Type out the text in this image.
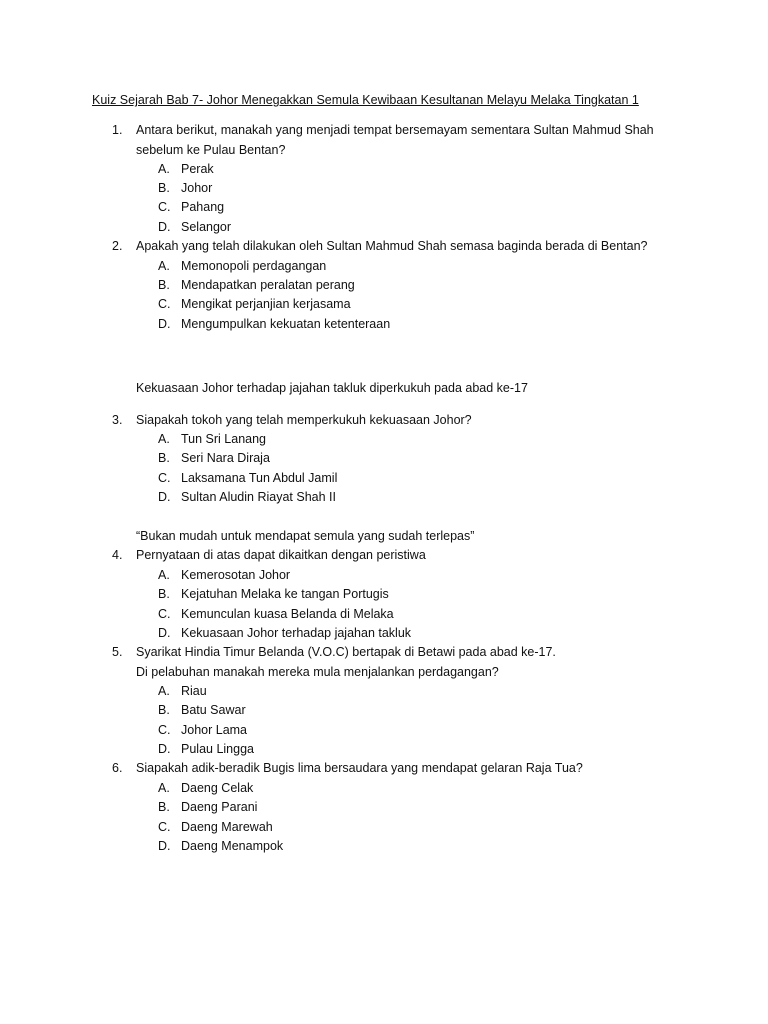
Kuiz Sejarah Bab 7- Johor Menegakkan Semula Kewibaan Kesultanan Melayu Melaka Tingkatan 1
1. Antara berikut, manakah yang menjadi tempat bersemayam sementara Sultan Mahmud Shah
sebelum ke Pulau Bentan?
A. Perak
B. Johor
C. Pahang
D. Selangor
2. Apakah yang telah dilakukan oleh Sultan Mahmud Shah semasa baginda berada di Bentan?
A. Memonopoli perdagangan
B. Mendapatkan peralatan perang
C. Mengikat perjanjian kerjasama
D. Mengumpulkan kekuatan ketenteraan
Kekuasaan Johor terhadap jajahan takluk diperkukuh pada abad ke-17
3. Siapakah tokoh yang telah memperkukuh kekuasaan Johor?
A. Tun Sri Lanang
B. Seri Nara Diraja
C. Laksamana Tun Abdul Jamil
D. Sultan Aludin Riayat Shah II
“Bukan mudah untuk mendapat semula yang sudah terlepas”
4. Pernyataan di atas dapat dikaitkan dengan peristiwa
A. Kemerosotan Johor
B. Kejatuhan Melaka ke tangan Portugis
C. Kemunculan kuasa Belanda di Melaka
D. Kekuasaan Johor terhadap jajahan takluk
5. Syarikat Hindia Timur Belanda (V.O.C) bertapak di Betawi pada abad ke-17.
Di pelabuhan manakah mereka mula menjalankan perdagangan?
A. Riau
B. Batu Sawar
C. Johor Lama
D. Pulau Lingga
6. Siapakah adik-beradik Bugis lima bersaudara yang mendapat gelaran Raja Tua?
A. Daeng Celak
B. Daeng Parani
C. Daeng Marewah
D. Daeng Menampok
